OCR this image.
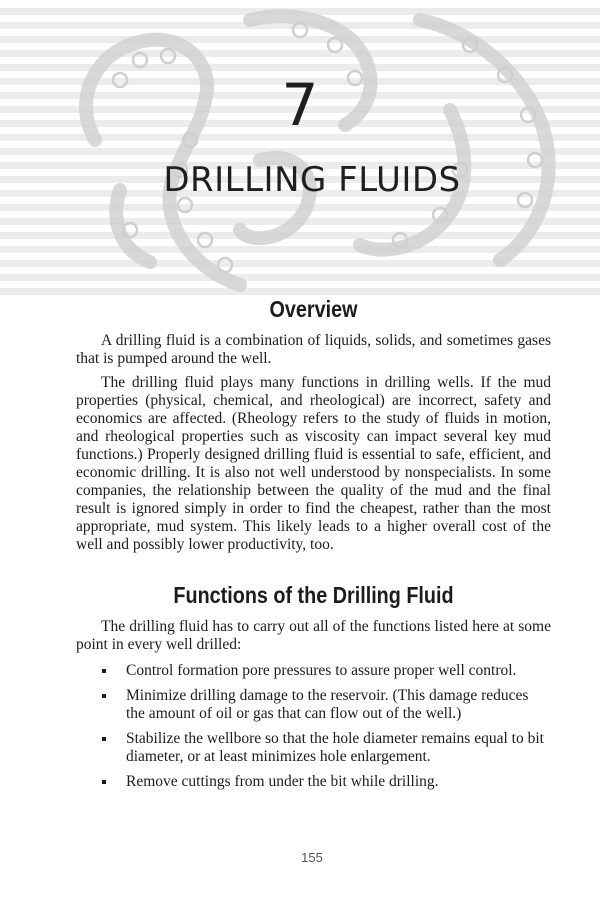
7
DRILLING FLUIDS
Overview

A drilling fluid is a combination of liquids, solids, and sometimes gases that is pumped around the well.

The drilling fluid plays many functions in drilling wells. If the mud properties (physical, chemical, and rheological) are incorrect, safety and economics are affected. (Rheology refers to the study of fluids in motion, and rheological properties such as viscosity can impact several key mud functions.) Properly designed drilling fluid is essential to safe, efficient, and economic drilling. It is also not well understood by nonspecialists. In some companies, the relationship between the quality of the mud and the final result is ignored simply in order to find the cheapest, rather than the most appropriate, mud system. This likely leads to a higher overall cost of the well and possibly lower productivity, too.

Functions of the Drilling Fluid

The drilling fluid has to carry out all of the functions listed here at some point in every well drilled:

Control formation pore pressures to assure proper well control.
Minimize drilling damage to the reservoir. (This damage reduces the amount of oil or gas that can flow out of the well.)
Stabilize the wellbore so that the hole diameter remains equal to bit diameter, or at least minimizes hole enlargement.
Remove cuttings from under the bit while drilling.
155
